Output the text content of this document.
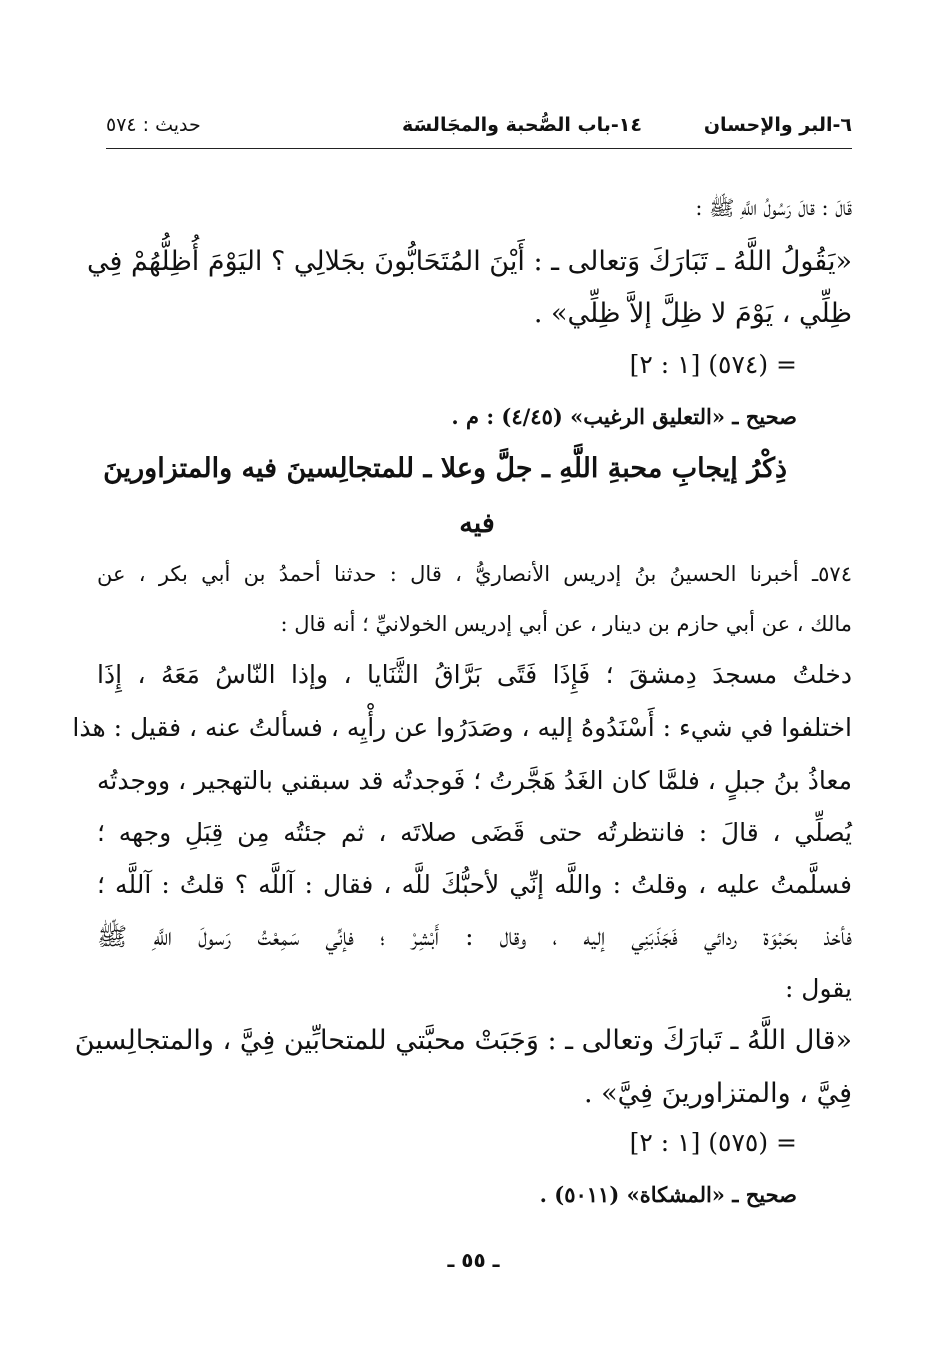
٦-البر والإحسان
١٤-باب الصُّحبة والمجَالسَة
حديث : ٥٧٤
قَالَ : قالَ رَسُولُ اللَّهِ ﷺ :
«يَقُولُ اللَّهُ ـ تَبَارَكَ وَتعالى ـ : أَيْنَ المُتَحَابُّونَ بجَلالِي ؟ اليَوْمَ أُظِلُّهُمْ فِي
ظِلِّي ، يَوْمَ لا ظِلَّ إلاَّ ظِلِّي» .
= (٥٧٤) [١ : ٢]
صحيح ـ «التعليق الرغيب» (٤/٤٥) : م .
ذِكْرُ إيجابِ محبةِ اللَّهِ ـ جلَّ وعلا ـ للمتجالِسينَ فيه والمتزاورينَ
فيه
٥٧٤ـ أخبرنا الحسينُ بنُ إدريس الأنصاريُّ ، قال : حدثنا أحمدُ بن أبي بكر ، عن
مالك ، عن أبي حازم بن دينار ، عن أبي إدريس الخولانيِّ ؛ أنه قال :
دخلتُ مسجدَ دِمشقَ ؛ فَإِذَا فَتًى بَرَّاقُ الثَّنَايا ، وإذا النّاسُ مَعَهُ ، إِذَا
اختلفوا في شيء : أَسْنَدُوهُ إليه ، وصَدَرُوا عن رأْيِه ، فسألتُ عنه ، فقيل : هذا
معاذُ بنُ جبلٍ ، فلمَّا كان الغَدُ هَجَّرتُ ؛ فَوجدتُه قد سبقني بالتهجير ، ووجدتُه
يُصلِّي ، قالَ : فانتظرتُه حتى قَضَى صلاتَه ، ثم جئتُه مِن قِبَلِ وجهه ؛
فسلَّمتُ عليه ، وقلتُ : واللَّه إنِّي لأحبُّكَ للَّه ، فقال : آللَّه ؟ قلتُ : آللَّه ؛
فأخذ بحَبْوَة ردائي فَجَذَبَنِي إليه ، وقال : أَبْشِرْ ؛ فإنِّي سَمِعْتُ رَسولَ اللَّهِ ﷺ
يقول :
«قال اللَّهُ ـ تَبارَكَ وتعالى ـ : وَجَبَتْ محبَّتي للمتحابِّين فِيَّ ، والمتجالِسينَ
فِيَّ ، والمتزاورينَ فِيَّ» .
= (٥٧٥) [١ : ٢]
صحيح ـ «المشكاة» (٥٠١١) .
ـ ٥٥ ـ
